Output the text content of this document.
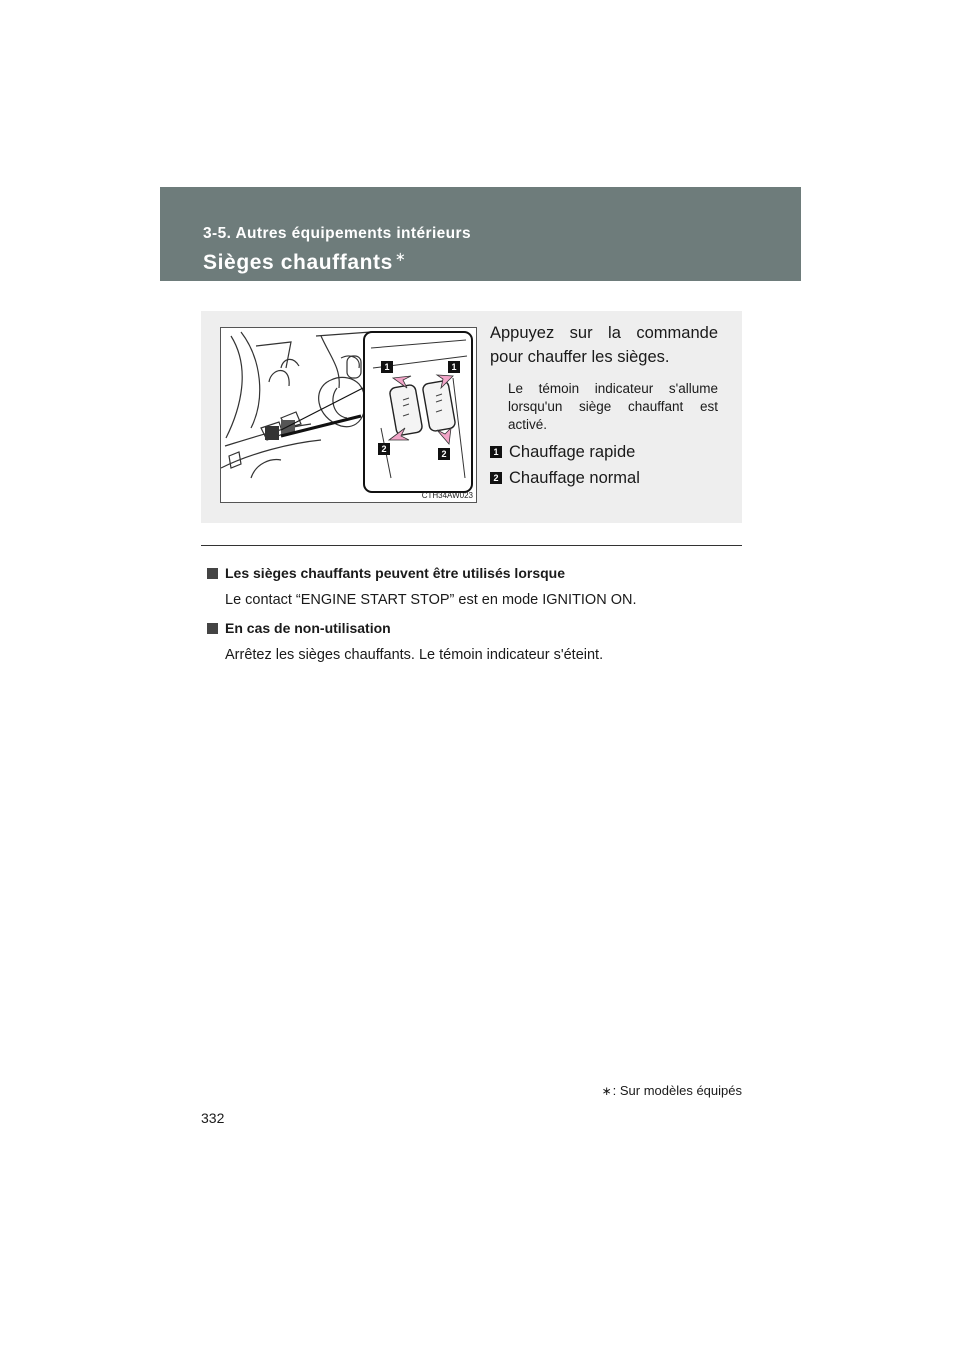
3-5. Autres équipements intérieurs
Sièges chauffants ∗
1	1
2	2
CTH34AW023

Appuyez sur la commande pour chauffer les sièges.

Le témoin indicateur s'allume lorsqu'un siège chauffant est activé.

1 Chauffage rapide
2 Chauffage normal
Les sièges chauffants peuvent être utilisés lorsque
Le contact “ENGINE START STOP” est en mode IGNITION ON.
En cas de non-utilisation
Arrêtez les sièges chauffants. Le témoin indicateur s'éteint.
∗ : Sur modèles équipés
332
